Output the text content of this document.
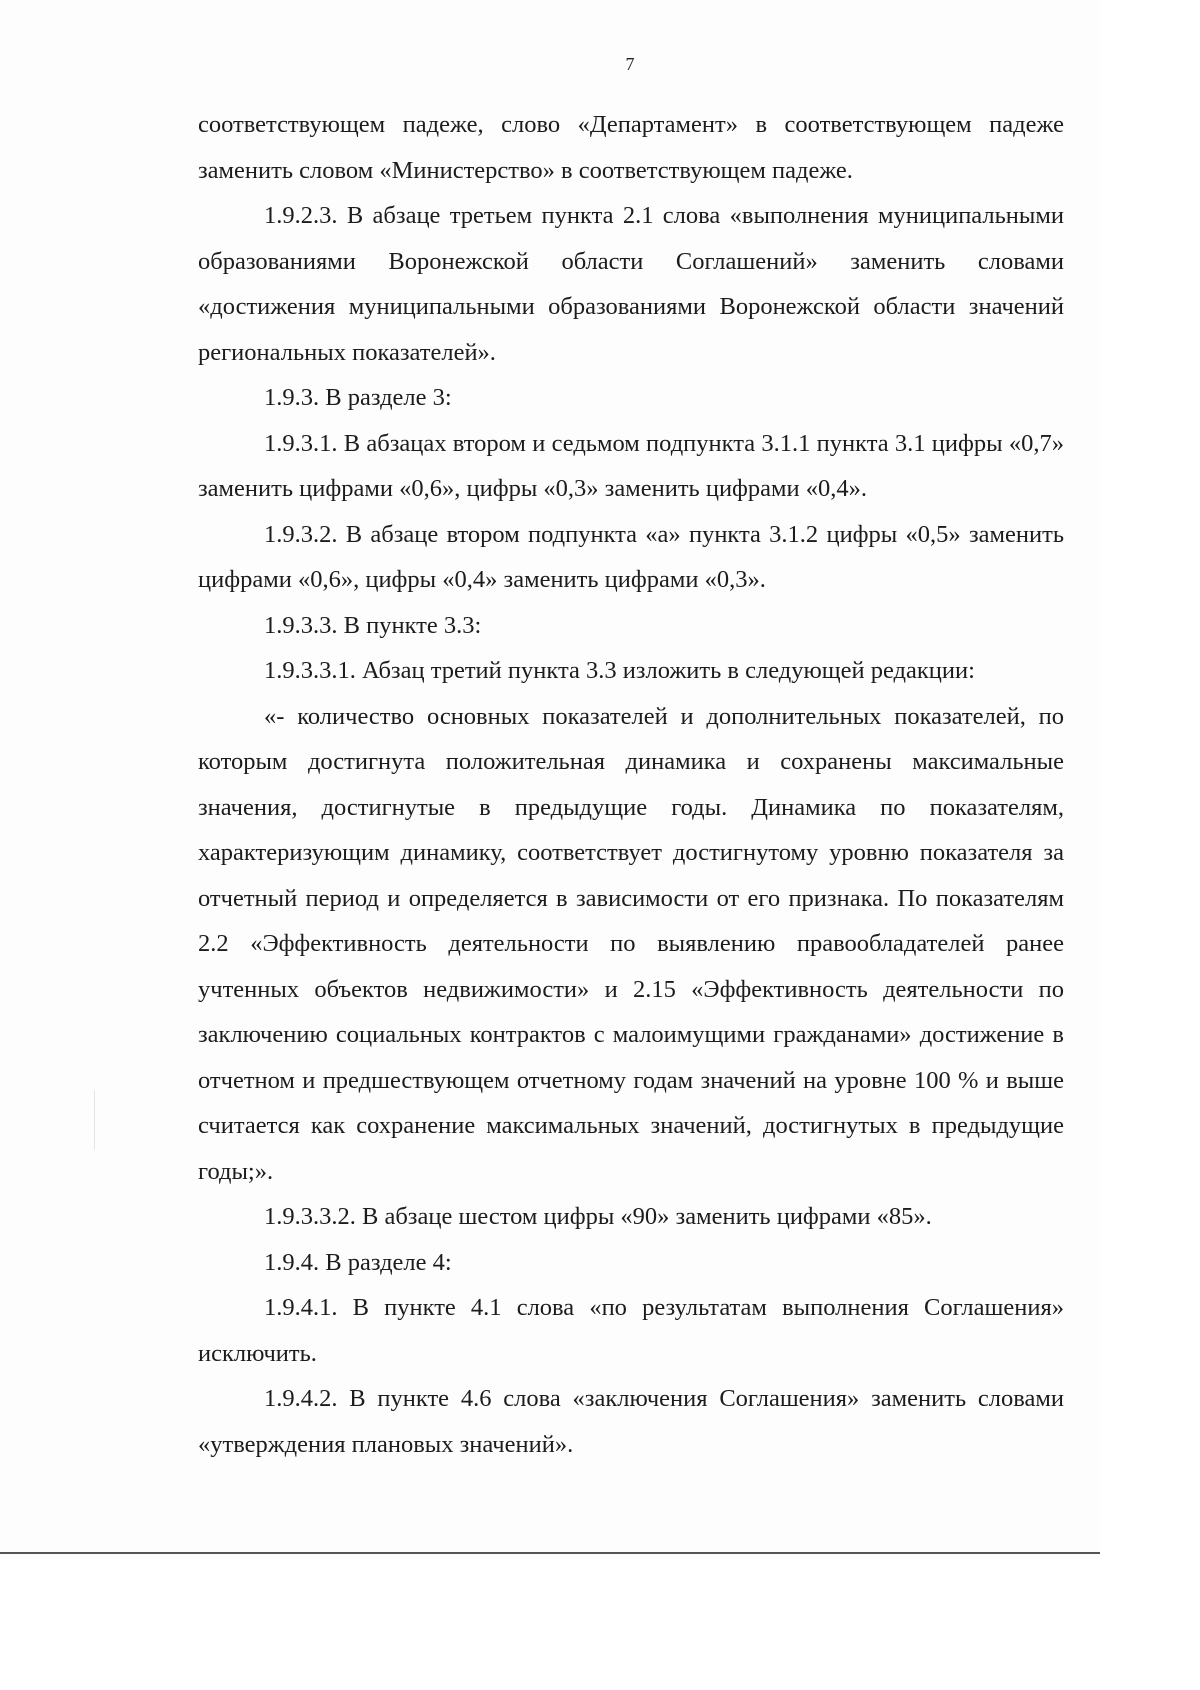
7

соответствующем падеже, слово «Департамент» в соответствующем падеже заменить словом «Министерство» в соответствующем падеже.

1.9.2.3. В абзаце третьем пункта 2.1 слова «выполнения муниципальными образованиями Воронежской области Соглашений» заменить словами «достижения муниципальными образованиями Воронежской области значений региональных показателей».

1.9.3. В разделе 3:

1.9.3.1. В абзацах втором и седьмом подпункта 3.1.1 пункта 3.1 цифры «0,7» заменить цифрами «0,6», цифры «0,3» заменить цифрами «0,4».

1.9.3.2. В абзаце втором подпункта «а» пункта 3.1.2 цифры «0,5» заменить цифрами «0,6», цифры «0,4» заменить цифрами «0,3».

1.9.3.3. В пункте 3.3:

1.9.3.3.1. Абзац третий пункта 3.3 изложить в следующей редакции:

«- количество основных показателей и дополнительных показателей, по которым достигнута положительная динамика и сохранены максимальные значения, достигнутые в предыдущие годы. Динамика по показателям, характеризующим динамику, соответствует достигнутому уровню показателя за отчетный период и определяется в зависимости от его признака. По показателям 2.2 «Эффективность деятельности по выявлению правообладателей ранее учтенных объектов недвижимости» и 2.15 «Эффективность деятельности по заключению социальных контрактов с малоимущими гражданами» достижение в отчетном и предшествующем отчетному годам значений на уровне 100 % и выше считается как сохранение максимальных значений, достигнутых в предыдущие годы;».

1.9.3.3.2. В абзаце шестом цифры «90» заменить цифрами «85».

1.9.4. В разделе 4:

1.9.4.1. В пункте 4.1 слова «по результатам выполнения Соглашения» исключить.

1.9.4.2. В пункте 4.6 слова «заключения Соглашения» заменить словами «утверждения плановых значений».
